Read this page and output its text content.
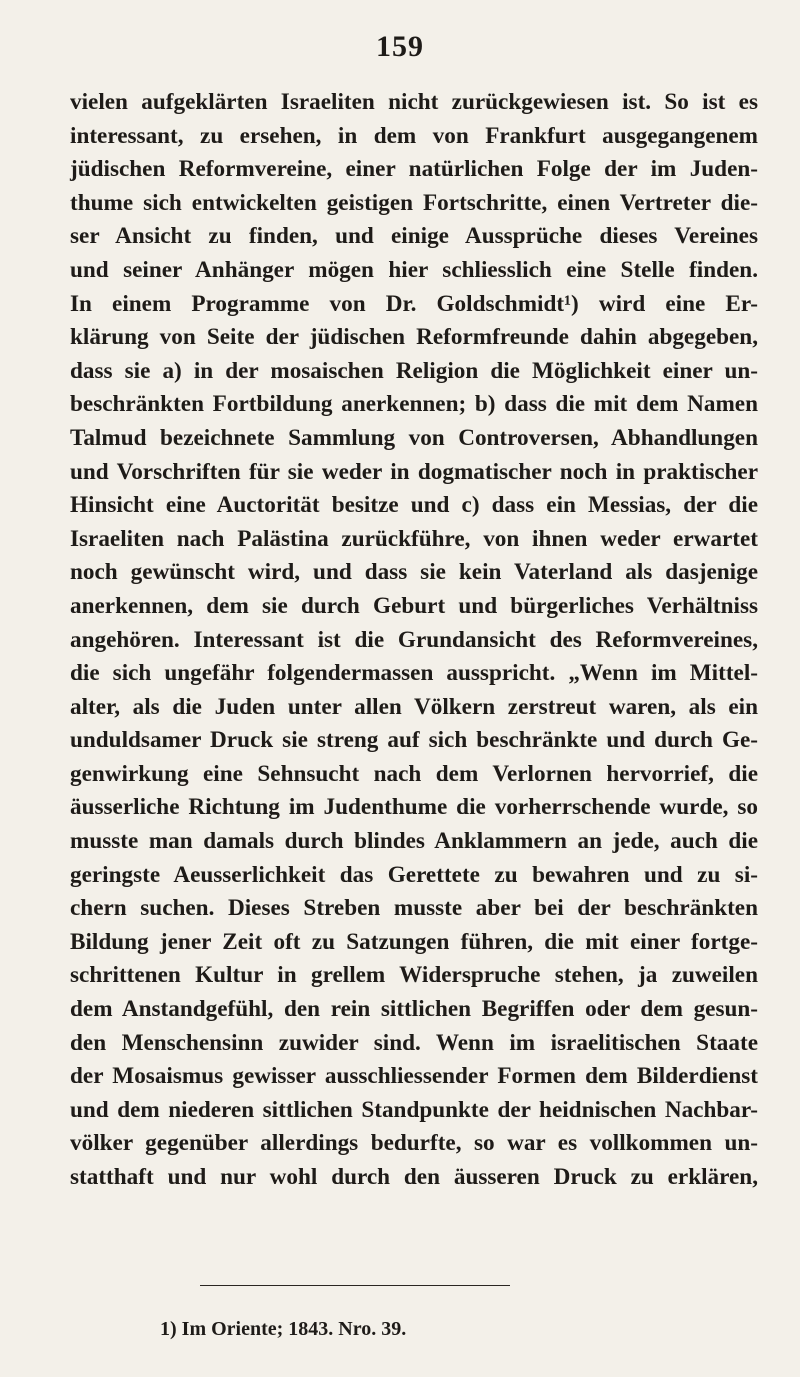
159
vielen aufgeklärten Israeliten nicht zurückgewiesen ist. So ist es
interessant, zu ersehen, in dem von Frankfurt ausgegangenem
jüdischen Reformvereine, einer natürlichen Folge der im Juden-
thume sich entwickelten geistigen Fortschritte, einen Vertreter die-
ser Ansicht zu finden, und einige Aussprüche dieses Vereines
und seiner Anhänger mögen hier schliesslich eine Stelle finden.
In einem Programme von Dr. Goldschmidt¹) wird eine Er-
klärung von Seite der jüdischen Reformfreunde dahin abgegeben,
dass sie a) in der mosaischen Religion die Möglichkeit einer un-
beschränkten Fortbildung anerkennen; b) dass die mit dem Namen
Talmud bezeichnete Sammlung von Controversen, Abhandlungen
und Vorschriften für sie weder in dogmatischer noch in praktischer
Hinsicht eine Auctorität besitze und c) dass ein Messias, der die
Israeliten nach Palästina zurückführe, von ihnen weder erwartet
noch gewünscht wird, und dass sie kein Vaterland als dasjenige
anerkennen, dem sie durch Geburt und bürgerliches Verhältniss
angehören. Interessant ist die Grundansicht des Reformvereines,
die sich ungefähr folgendermassen ausspricht. „Wenn im Mittel-
alter, als die Juden unter allen Völkern zerstreut waren, als ein
unduldsamer Druck sie streng auf sich beschränkte und durch Ge-
genwirkung eine Sehnsucht nach dem Verlornen hervorrief, die
äusserliche Richtung im Judenthume die vorherrschende wurde, so
musste man damals durch blindes Anklammern an jede, auch die
geringste Aeusserlichkeit das Gerettete zu bewahren und zu si-
chern suchen. Dieses Streben musste aber bei der beschränkten
Bildung jener Zeit oft zu Satzungen führen, die mit einer fortge-
schrittenen Kultur in grellem Widerspruche stehen, ja zuweilen
dem Anstandgefühl, den rein sittlichen Begriffen oder dem gesun-
den Menschensinn zuwider sind. Wenn im israelitischen Staate
der Mosaismus gewisser ausschliessender Formen dem Bilderdienst
und dem niederen sittlichen Standpunkte der heidnischen Nachbar-
völker gegenüber allerdings bedurfte, so war es vollkommen un-
statthaft und nur wohl durch den äusseren Druck zu erklären,
1) Im Oriente; 1843. Nro. 39.
